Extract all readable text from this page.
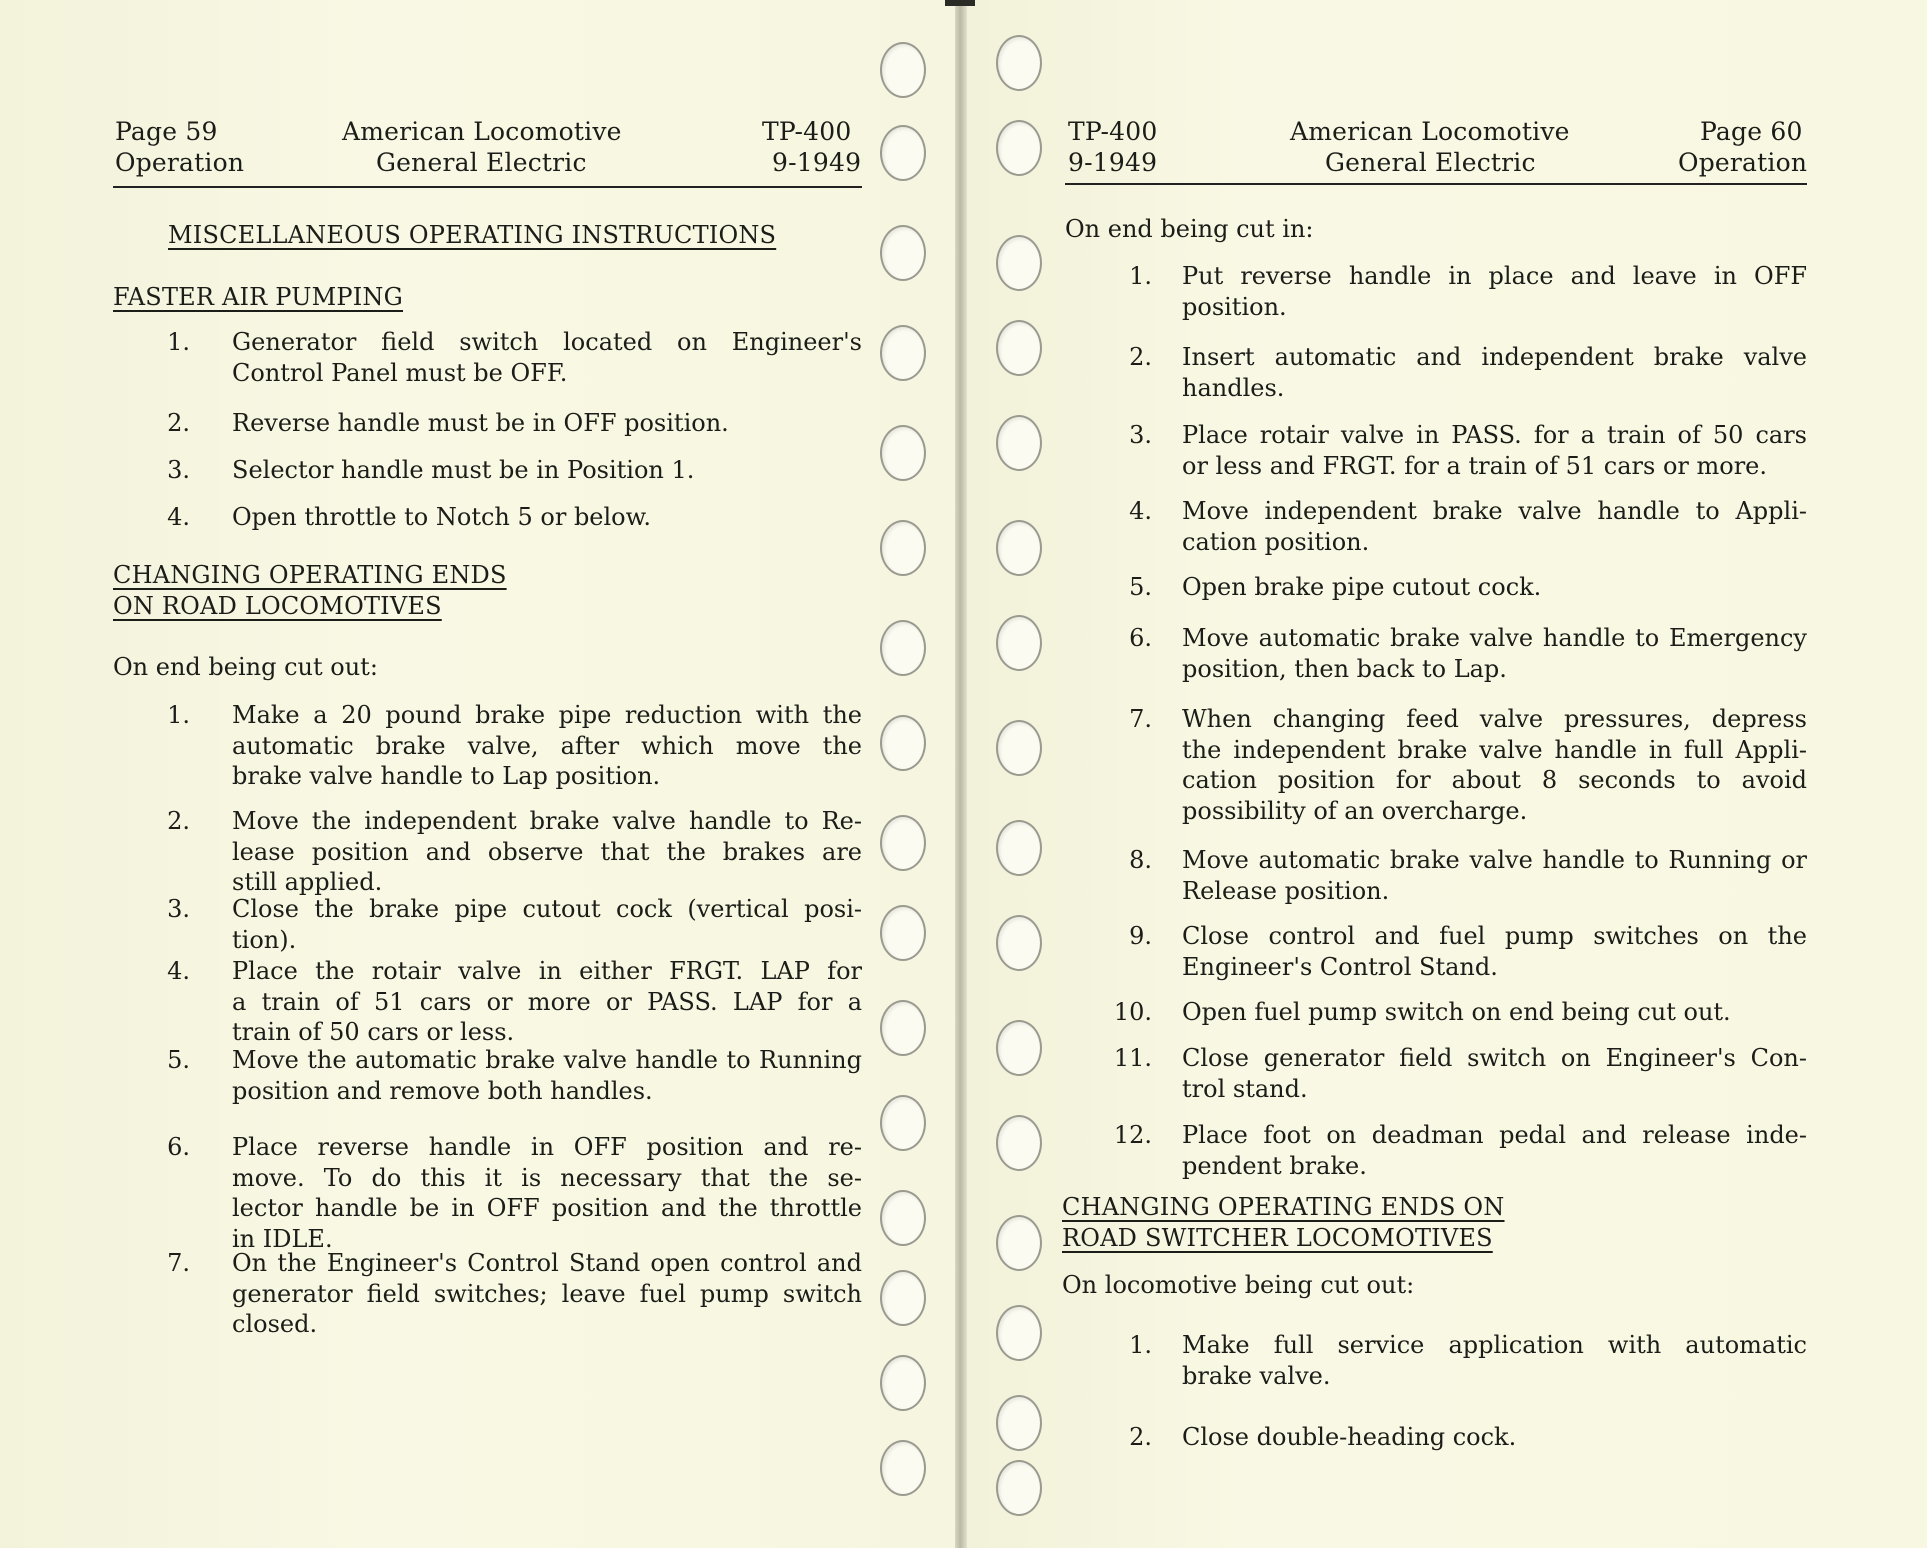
Page 59
Operation
American Locomotive
General Electric
TP-400
9-1949
MISCELLANEOUS OPERATING INSTRUCTIONS
FASTER AIR PUMPING
1. Generator field switch located on Engineer's
Control Panel must be OFF.
2. Reverse handle must be in OFF position.
3. Selector handle must be in Position 1.
4. Open throttle to Notch 5 or below.
CHANGING OPERATING ENDS
ON ROAD LOCOMOTIVES
On end being cut out:
1. Make a 20 pound brake pipe reduction with the
automatic brake valve, after which move the
brake valve handle to Lap position.
2. Move the independent brake valve handle to Re-
lease position and observe that the brakes are
still applied.
3. Close the brake pipe cutout cock (vertical posi-
tion).
4. Place the rotair valve in either FRGT. LAP for
a train of 51 cars or more or PASS. LAP for a
train of 50 cars or less.
5. Move the automatic brake valve handle to Running
position and remove both handles.
6. Place reverse handle in OFF position and re-
move. To do this it is necessary that the se-
lector handle be in OFF position and the throttle
in IDLE.
7. On the Engineer's Control Stand open control and
generator field switches; leave fuel pump switch
closed.
TP-400
9-1949
American Locomotive
General Electric
Page 60
Operation
On end being cut in:
1. Put reverse handle in place and leave in OFF
position.
2. Insert automatic and independent brake valve
handles.
3. Place rotair valve in PASS. for a train of 50 cars
or less and FRGT. for a train of 51 cars or more.
4. Move independent brake valve handle to Appli-
cation position.
5. Open brake pipe cutout cock.
6. Move automatic brake valve handle to Emergency
position, then back to Lap.
7. When changing feed valve pressures, depress
the independent brake valve handle in full Appli-
cation position for about 8 seconds to avoid
possibility of an overcharge.
8. Move automatic brake valve handle to Running or
Release position.
9. Close control and fuel pump switches on the
Engineer's Control Stand.
10. Open fuel pump switch on end being cut out.
11. Close generator field switch on Engineer's Con-
trol stand.
12. Place foot on deadman pedal and release inde-
pendent brake.
CHANGING OPERATING ENDS ON
ROAD SWITCHER LOCOMOTIVES
On locomotive being cut out:
1. Make full service application with automatic
brake valve.
2. Close double-heading cock.
